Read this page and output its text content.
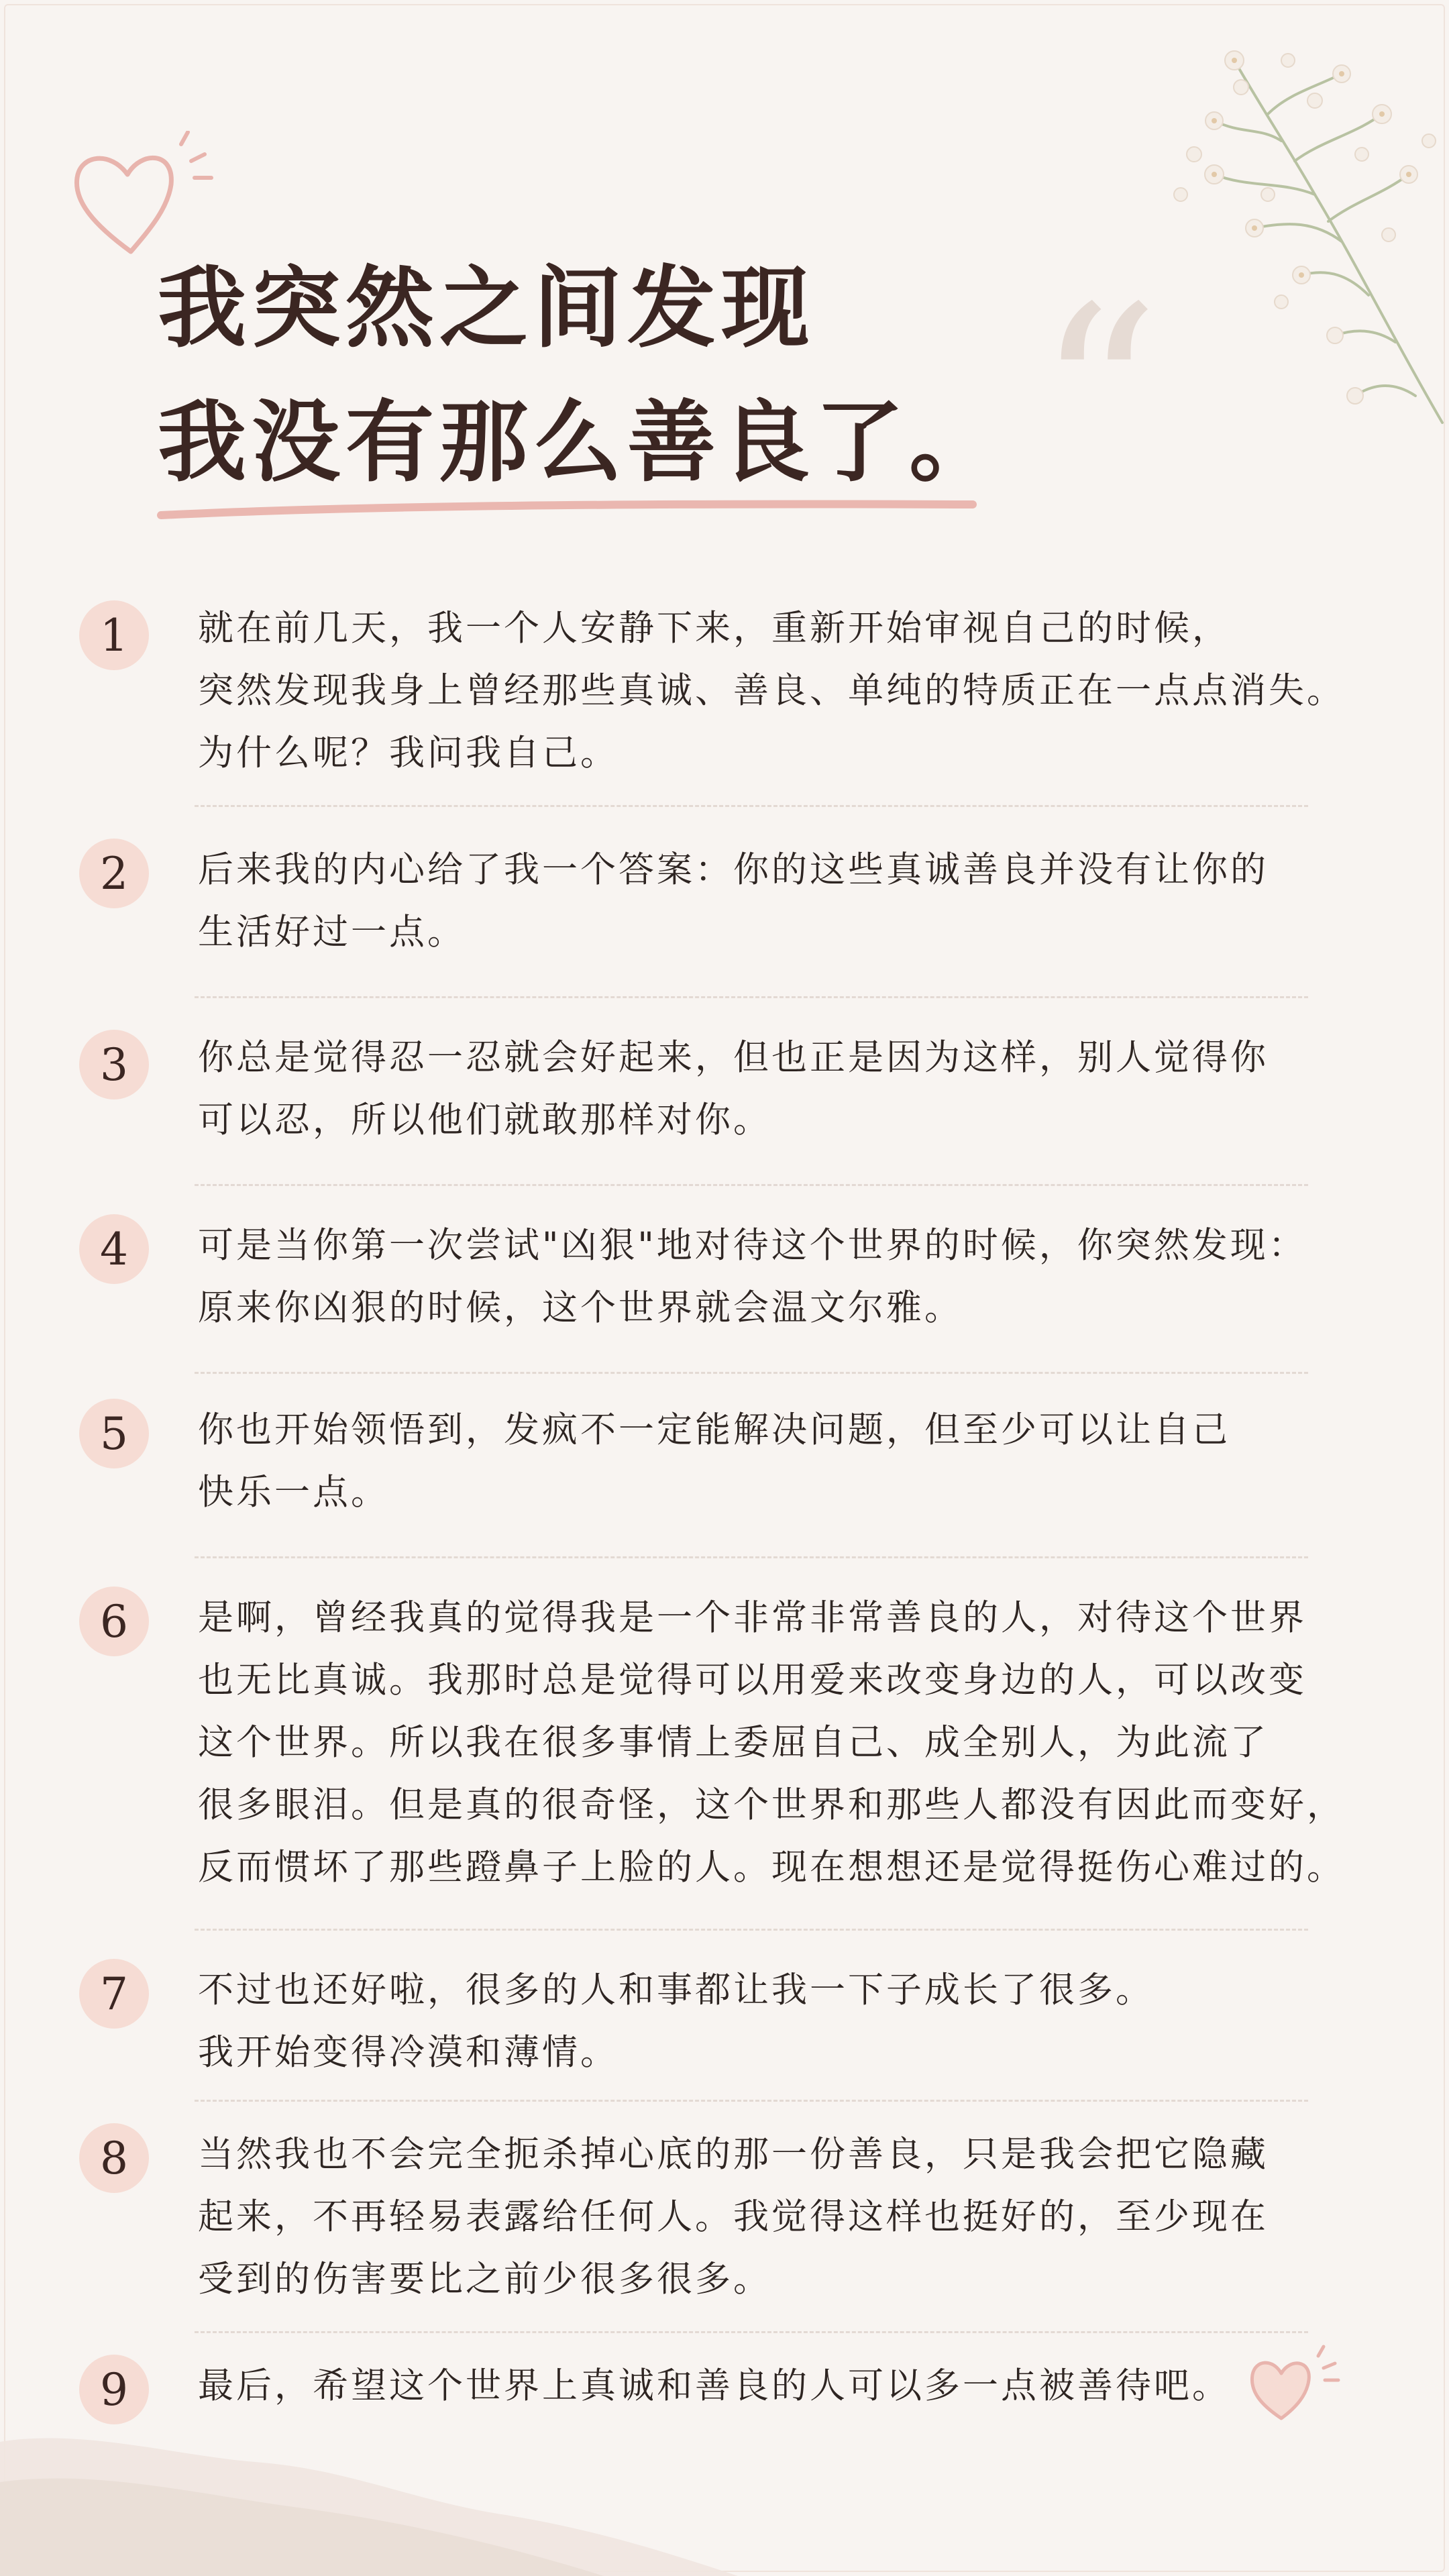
“
我突然之间发现
我没有那么善良了。
1	就在前几天，我一个人安静下来，重新开始审视自己的时候，
突然发现我身上曾经那些真诚、善良、单纯的特质正在一点点消失。
为什么呢？我问我自己。
2	后来我的内心给了我一个答案：你的这些真诚善良并没有让你的
生活好过一点。
3	你总是觉得忍一忍就会好起来，但也正是因为这样，别人觉得你
可以忍，所以他们就敢那样对你。
4	可是当你第一次尝试"凶狠"地对待这个世界的时候，你突然发现：
原来你凶狠的时候，这个世界就会温文尔雅。
5	你也开始领悟到，发疯不一定能解决问题，但至少可以让自己
快乐一点。
6	是啊，曾经我真的觉得我是一个非常非常善良的人，对待这个世界
也无比真诚。我那时总是觉得可以用爱来改变身边的人，可以改变
这个世界。所以我在很多事情上委屈自己、成全别人，为此流了
很多眼泪。但是真的很奇怪，这个世界和那些人都没有因此而变好，
反而惯坏了那些蹬鼻子上脸的人。现在想想还是觉得挺伤心难过的。
7	不过也还好啦，很多的人和事都让我一下子成长了很多。
我开始变得冷漠和薄情。
8	当然我也不会完全扼杀掉心底的那一份善良，只是我会把它隐藏
起来，不再轻易表露给任何人。我觉得这样也挺好的，至少现在
受到的伤害要比之前少很多很多。
9	最后，希望这个世界上真诚和善良的人可以多一点被善待吧。
